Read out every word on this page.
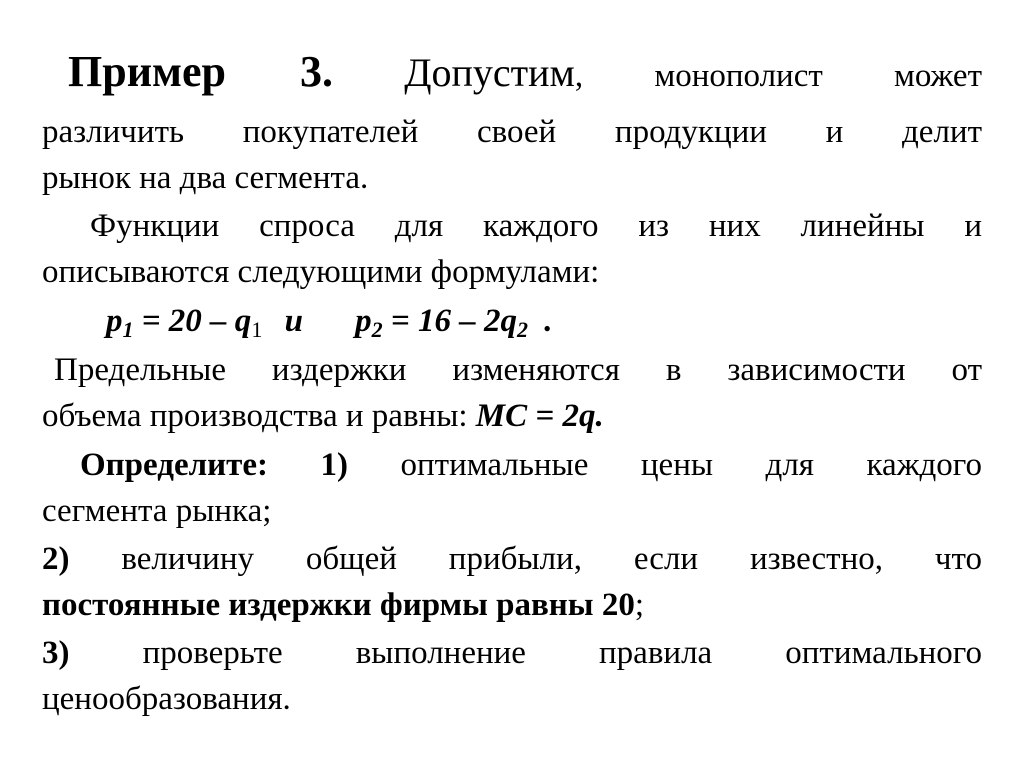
Пример 3. Допустим, монополист может
различить покупателей своей продукции и делит
рынок на два сегмента.
Функции спроса для каждого из них линейны и
описываются следующими формулами:
$p_1 = 20 - q_1$ и $p_2 = 16 - 2q_2$ .
Предельные издержки изменяются в зависимости от
объема производства и равны: MC = 2q.
Определите: 1) оптимальные цены для каждого
сегмента рынка;
2) величину общей прибыли, если известно, что
постоянные издержки фирмы равны 20;
3) проверьте выполнение правила оптимального
ценообразования.
